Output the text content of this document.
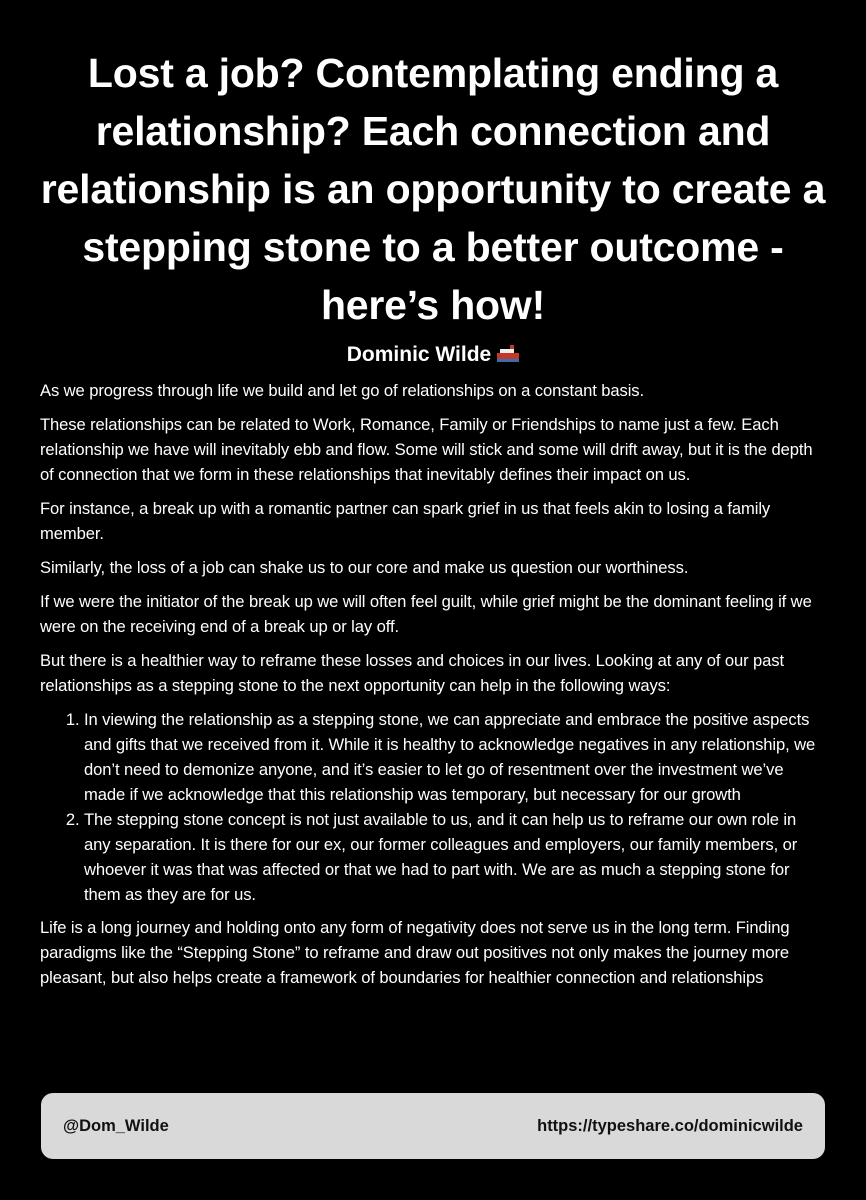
Lost a job? Contemplating ending a relationship? Each connection and relationship is an opportunity to create a stepping stone to a better outcome - here’s how!
Dominic Wilde

As we progress through life we build and let go of relationships on a constant basis.

These relationships can be related to Work, Romance, Family or Friendships to name just a few. Each relationship we have will inevitably ebb and flow. Some will stick and some will drift away, but it is the depth of connection that we form in these relationships that inevitably defines their impact on us.

For instance, a break up with a romantic partner can spark grief in us that feels akin to losing a family member.

Similarly, the loss of a job can shake us to our core and make us question our worthiness.

If we were the initiator of the break up we will often feel guilt, while grief might be the dominant feeling if we were on the receiving end of a break up or lay off.

But there is a healthier way to reframe these losses and choices in our lives. Looking at any of our past relationships as a stepping stone to the next opportunity can help in the following ways:

1. In viewing the relationship as a stepping stone, we can appreciate and embrace the positive aspects and gifts that we received from it. While it is healthy to acknowledge negatives in any relationship, we don’t need to demonize anyone, and it’s easier to let go of resentment over the investment we’ve made if we acknowledge that this relationship was temporary, but necessary for our growth
2. The stepping stone concept is not just available to us, and it can help us to reframe our own role in any separation. It is there for our ex, our former colleagues and employers, our family members, or whoever it was that was affected or that we had to part with. We are as much a stepping stone for them as they are for us.

Life is a long journey and holding onto any form of negativity does not serve us in the long term. Finding paradigms like the “Stepping Stone” to reframe and draw out positives not only makes the journey more pleasant, but also helps create a framework of boundaries for healthier connection and relationships

@Dom_Wilde	https://typeshare.co/dominicwilde
